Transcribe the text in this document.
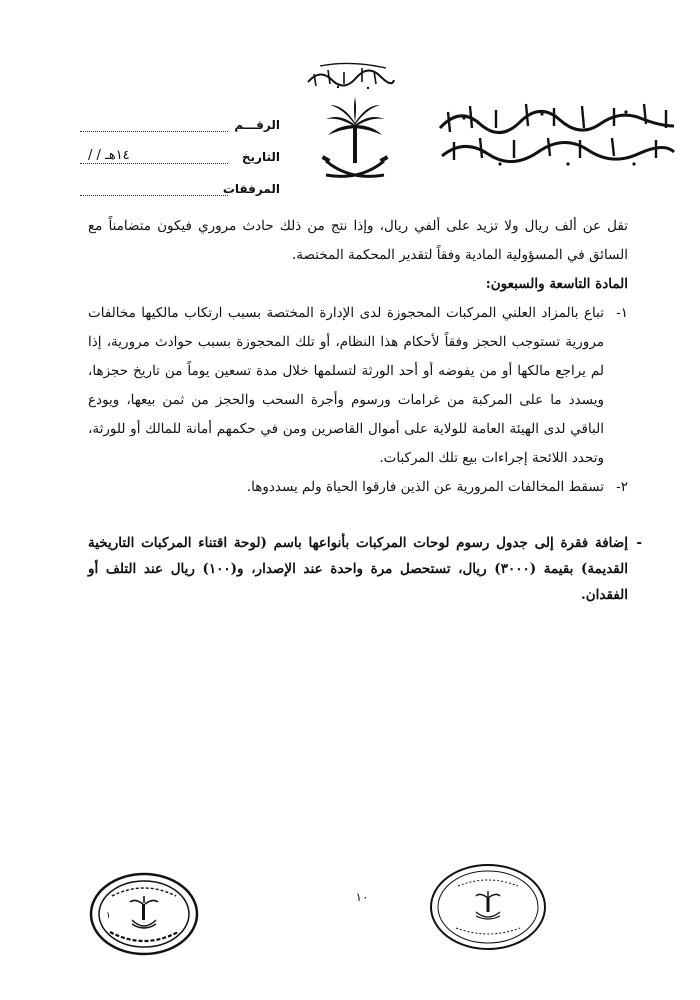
الرقـــم
التاريخ
/ / ١٤هـ
المرفقات

تقل عن ألف ريال ولا تزيد على ألفي ريال، وإذا نتج من ذلك حادث مروري فيكون متضامناً مع السائق في المسؤولية المادية وفقاً لتقدير المحكمة المختصة.

المادة التاسعة والسبعون:

١-
تباع بالمزاد العلني المركبات المحجوزة لدى الإدارة المختصة بسبب ارتكاب مالكيها مخالفات مرورية تستوجب الحجز وفقاً لأحكام هذا النظام، أو تلك المحجوزة بسبب حوادث مرورية، إذا لم يراجع مالكها أو من يفوضه أو أحد الورثة لتسلمها خلال مدة تسعين يوماً من تاريخ حجزها، ويسدد ما على المركبة من غرامات ورسوم وأجرة السحب والحجز من ثمن بيعها، ويودع الباقي لدى الهيئة العامة للولاية على أموال القاصرين ومن في حكمهم أمانة للمالك أو للورثة، وتحدد اللائحة إجراءات بيع تلك المركبات.
٢-
تسقط المخالفات المرورية عن الذين فارقوا الحياة ولم يسددوها.
-
إضافة فقرة إلى جدول رسوم لوحات المركبات بأنواعها باسم (لوحة اقتناء المركبات التاريخية القديمة) بقيمة (٣٠٠٠) ريال، تستحصل مرة واحدة عند الإصدار، و(١٠٠) ريال عند التلف أو الفقدان.
١٠
١
